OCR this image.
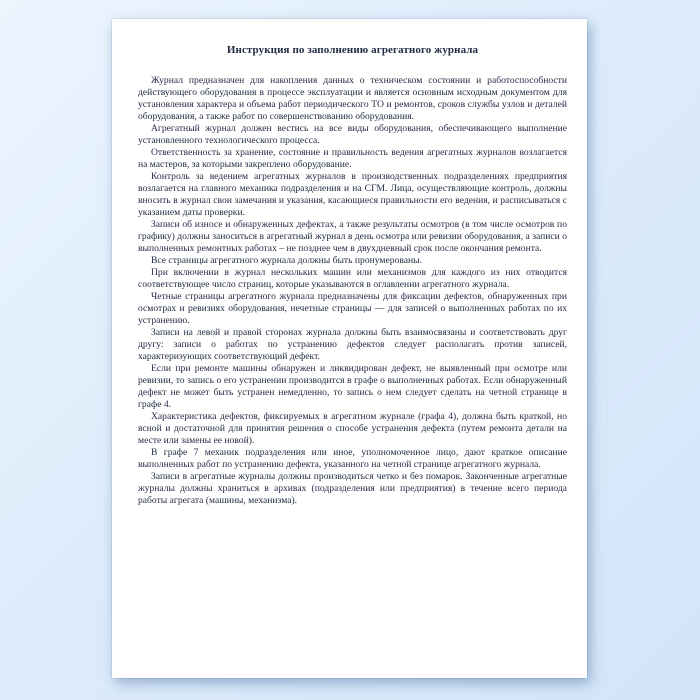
Инструкция по заполнению агрегатного журнала

Журнал предназначен для накопления данных о техническом состоянии и работоспособности действующего оборудования в процессе эксплуатации и является основным исходным документом для установления характера и объема работ периодического ТО и ремонтов, сроков службы узлов и деталей оборудования, а также работ по совершенствованию оборудования.

Агрегатный журнал должен вестись на все виды оборудования, обеспечивающего выполнение установленного технологического процесса.

Ответственность за хранение, состояние и правильность ведения агрегатных журналов возлагается на мастеров, за которыми закреплено оборудование.

Контроль за ведением агрегатных журналов в производственных подразделениях предприятия возлагается на главного механика подразделения и на СГМ. Лица, осуществляющие контроль, должны вносить в журнал свои замечания и указания, касающиеся правильности его ведения, и расписываться с указанием даты проверки.

Записи об износе и обнаруженных дефектах, а также результаты осмотров (в том числе осмотров по графику) должны заноситься в агрегатный журнал в день осмотра или ревизии оборудования, а записи о выполненных ремонтных работах – не позднее чем в двухдневный срок после окончания ремонта.

Все страницы агрегатного журнала должны быть пронумерованы.

При включении в журнал нескольких машин или механизмов для каждого из них отводится соответствующее число страниц, которые указываются в оглавлении агрегатного журнала.

Четные страницы агрегатного журнала предназначены для фиксации дефектов, обнаруженных при осмотрах и ревизиях оборудования, нечетные страницы — для записей о выполненных работах по их устранению.

Записи на левой и правой сторонах журнала должны быть взаимосвязаны и соответствовать друг другу: записи о работах по устранению дефектов следует располагать против записей, характеризующих соответствующий дефект.

Если при ремонте машины обнаружен и ликвидирован дефект, не выявленный при осмотре или ревизии, то запись о его устранении производится в графе о выполненных работах. Если обнаруженный дефект не может быть устранен немедленно, то запись о нем следует сделать на четной странице в графе 4.

Характеристика дефектов, фиксируемых в агрегатном журнале (графа 4), должна быть краткой, но ясной и достаточной для принятия решения о способе устранения дефекта (путем ремонта детали на месте или замены ее новой).

В графе 7 механик подразделения или иное, уполномоченное лицо, дают краткое описание выполненных работ по устранению дефекта, указанного на четной странице агрегатного журнала.

Записи в агрегатные журналы должны производиться четко и без помарок. Законченные агрегатные журналы должны храниться в архивах (подразделения или предприятия) в течение всего периода работы агрегата (машины, механизма).
